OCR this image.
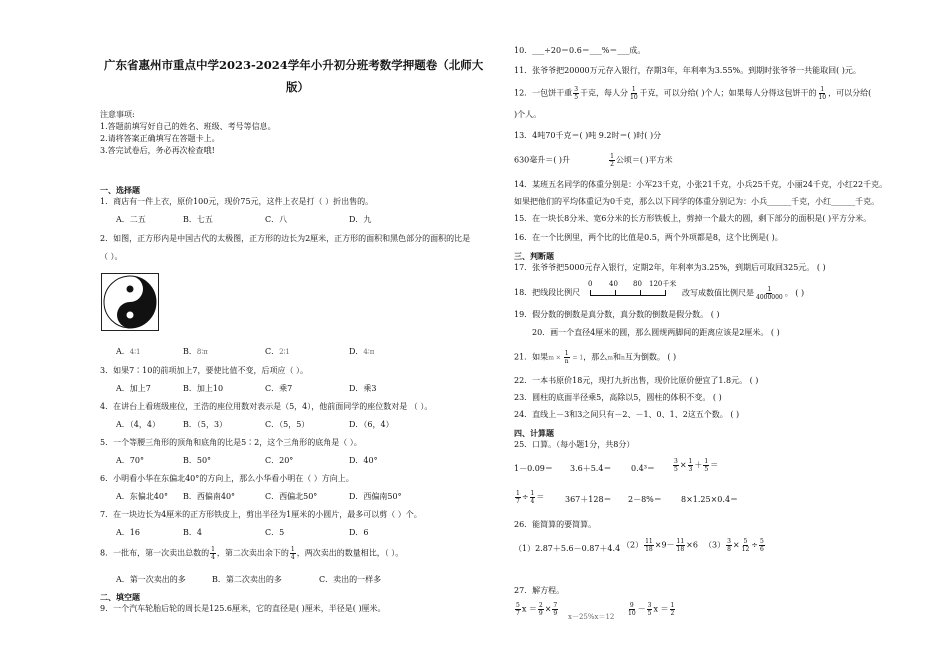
广东省惠州市重点中学2023-2024学年小升初分班考数学押题卷（北师大
版）
注意事项:
1.答题前填写好自己的姓名、班级、考号等信息。
2.请将答案正确填写在答题卡上。
3.答完试卷后，务必再次检查哦!
一、选择题
1．商店有一件上衣，原价100元，现价75元，这件上衣是打（ ）折出售的。
A．二五	B．七五	C．八	D．九
2．如图，正方形内是中国古代的太极图，正方形的边长为2厘米，正方形的面积和黑色部分的面积的比是
（ ）。
A．4∶1	B．8∶π	C．2∶1	D．4∶π
3．如果7∶10的前项加上7，要使比值不变，后项应（ ）。
A．加上7	B．加上10	C．乘7	D．乘3
4．在讲台上看班级座位，王浩的座位用数对表示是（5，4），他前面同学的座位数对是 （ ）。
A．（4，4）	B．（5，3）	C．（5，5）	D．（6，4）
5．一个等腰三角形的顶角和底角的比是5∶2，这个三角形的底角是（ ）。
A．70°	B．50°	C．20°	D．40°
6．小明看小华在东偏北40°的方向上，那么小华看小明在（ ）方向上。
A．东偏北40° B．西偏南40°	C．西偏北50°	D．西偏南50°
7．在一块边长为4厘米的正方形铁皮上，剪出半径为1厘米的小圆片，最多可以剪（ ）个。
A．16	B．4	C．5	D．6
8．一批布，第一次卖出总数的 $\frac{1}{4}$ ，第二次卖出余下的 $\frac{1}{4}$ ，两次卖出的数量相比，（ ）。
A．第一次卖出的多	B．第二次卖出的多	C．卖出的一样多
二、填空题
9．一个汽车轮胎后轮的周长是125.6厘米，它的直径是( )厘米，半径是( )厘米。
10．___÷20＝0.6＝___%＝___成。
11．张爷爷把20000万元存入银行，存期3年，年利率为3.55%。到期时张爷爷一共能取回( )元。
12．一包饼干重 $\frac{3}{5}$ 千克，每人分 $\frac{1}{10}$ 千克，可以分给( )个人；如果每人分得这包饼干的 $\frac{1}{10}$ ，可以分给(
)个人。
13．4吨70千克＝( )吨 9.2时＝( )时( )分
630毫升＝( )升	$\frac{1}{2}$ 公顷＝( )平方米
14．某班五名同学的体重分别是：小军23千克，小张21千克，小兵25千克，小丽24千克，小红22千克。
如果把他们的平均体重记为0千克，那么以下同学的体重分别记为：小兵______千克，小红______千克。
15．在一块长8分米、宽6分米的长方形铁板上，剪掉一个最大的圆，剩下部分的面积是( )平方分米。
16．在一个比例里，两个比的比值是0.5，两个外项都是8，这个比例是( )。
三、判断题
17．张爷爷把5000元存入银行，定期2年，年利率为3.25%，到期后可取回325元。 ( )
18．把线段比例尺
0 40 80 120千米
改写成数值比例尺是 $\frac{1}{4000000}$ 。 ( )
19．假分数的倒数是真分数，真分数的倒数是假分数。 ( )
20．画一个直径4厘米的圆，那么圆规两脚间的距离应该是2厘米。 ( )
21．如果$m \times \frac{1}{n} = 1$，那么m和n互为倒数。 ( )
22．一本书原价18元，现打九折出售，现价比原价便宜了1.8元。 ( )
23．圆柱的底面半径乘5，高除以5，圆柱的体积不变。 ( )
24．直线上－3和3之间只有－2、－1、0、1、2这五个数。 ( )
四、计算题
25．口算。（每小题1分，共8分）
1－0.09＝ 3.6＋5.4＝ 0.4³＝	$\frac{3}{5} \times \frac{1}{3} + \frac{1}{5}$ ＝
$\frac{1}{7} \div \frac{1}{4}$ ＝	367＋128＝ 2－8%＝ 8×1.25×0.4＝
26．能简算的要简算。
（1）2.87＋5.6－0.87＋4.4 $(2) \frac{11}{18} \times 9- \frac{11}{18} \times 6$ $(3) \frac{3}{8} \times \frac{5}{12} \div \frac{5}{6}$
27．解方程。
$\frac{5}{7}$ $x = \frac{2}{9} \times \frac{7}{9} x-25\%x=12 \frac{9}{10} - \frac{3}{5}$ $x = \frac{1}{2}$
